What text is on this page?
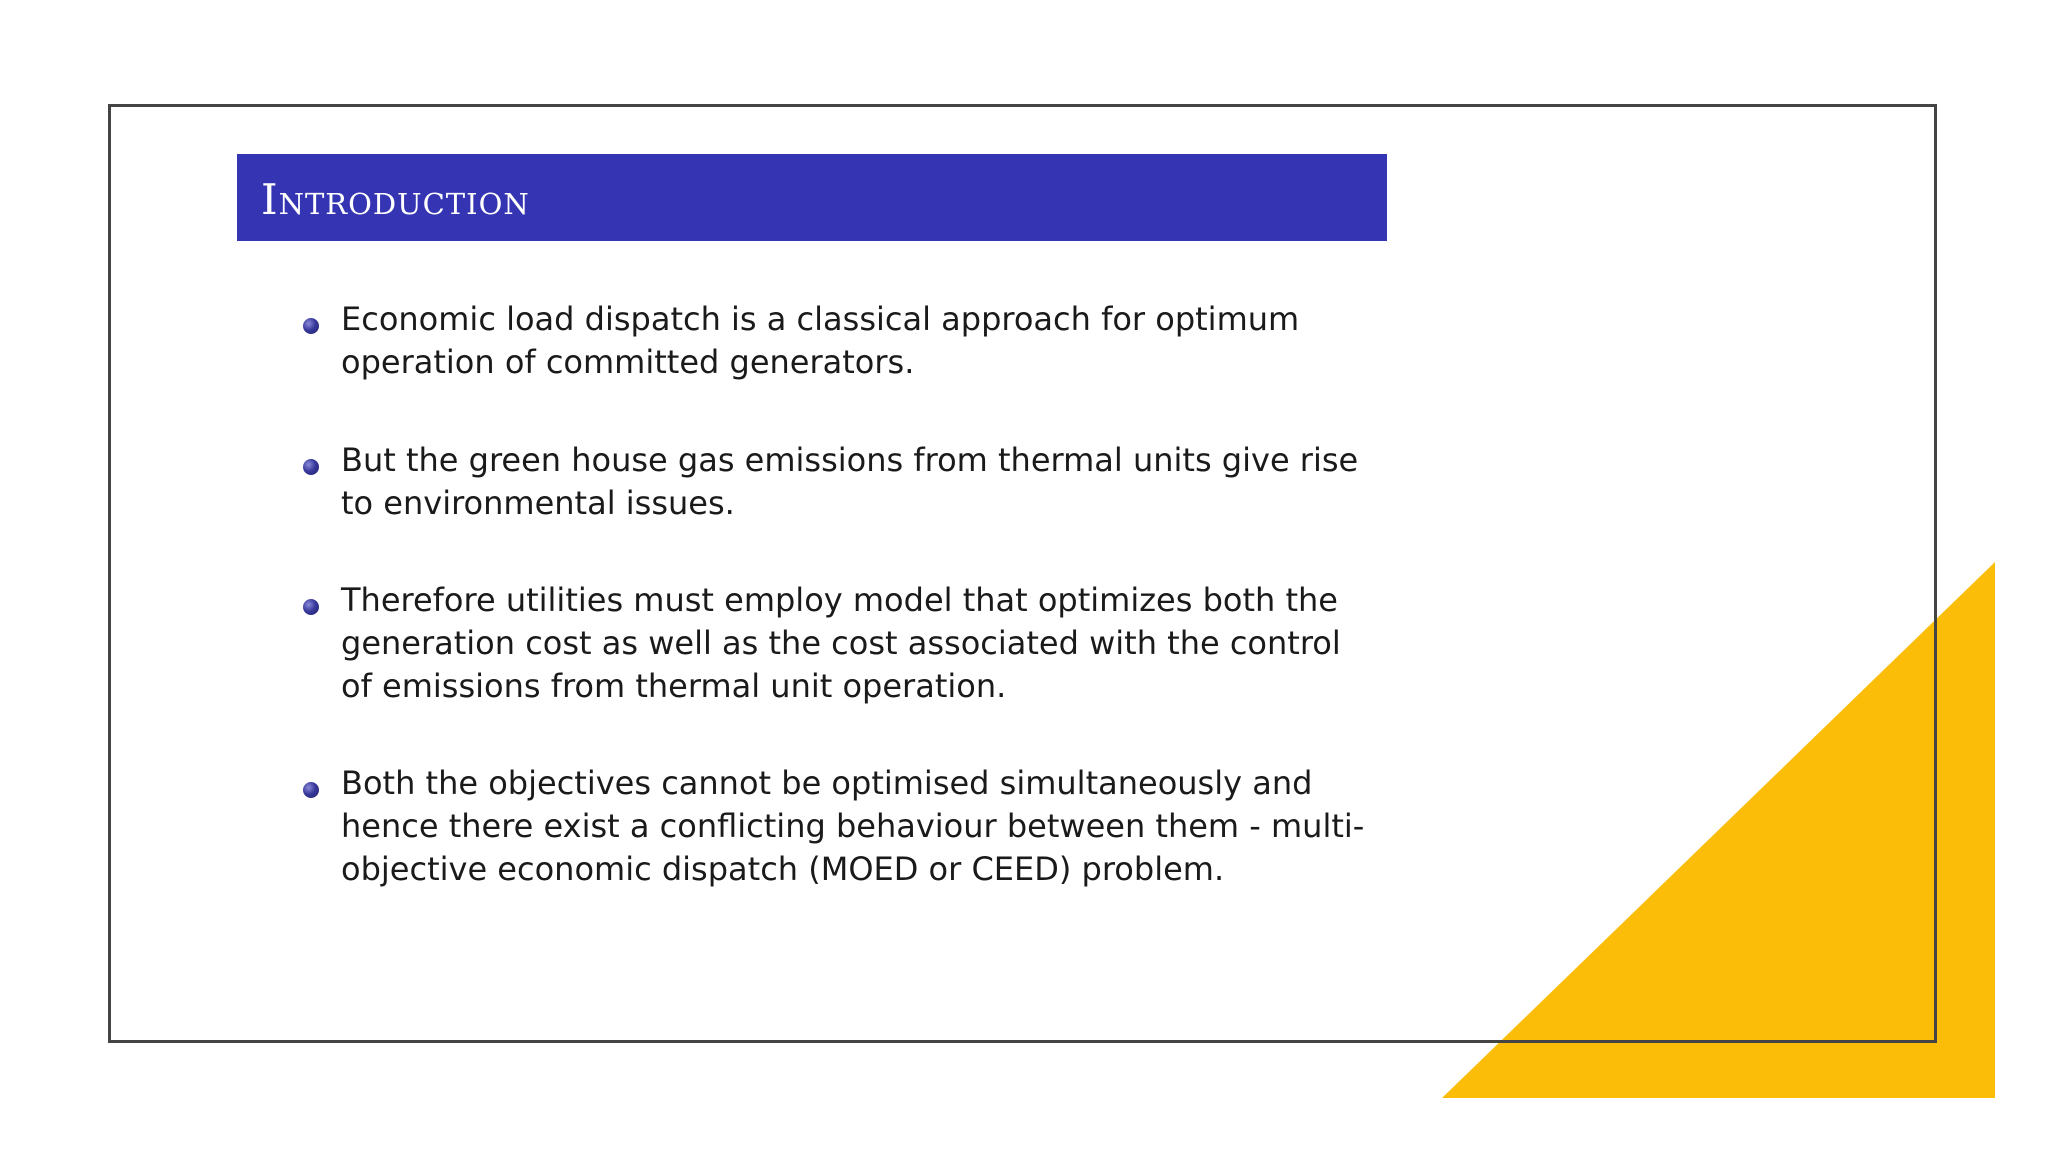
Introduction
Economic load dispatch is a classical approach for optimum operation of committed generators.
But the green house gas emissions from thermal units give rise to environmental issues.
Therefore utilities must employ model that optimizes both the generation cost as well as the cost associated with the control of emissions from thermal unit operation.
Both the objectives cannot be optimised simultaneously and hence there exist a conflicting behaviour between them - multi-objective economic dispatch (MOED or CEED) problem.
